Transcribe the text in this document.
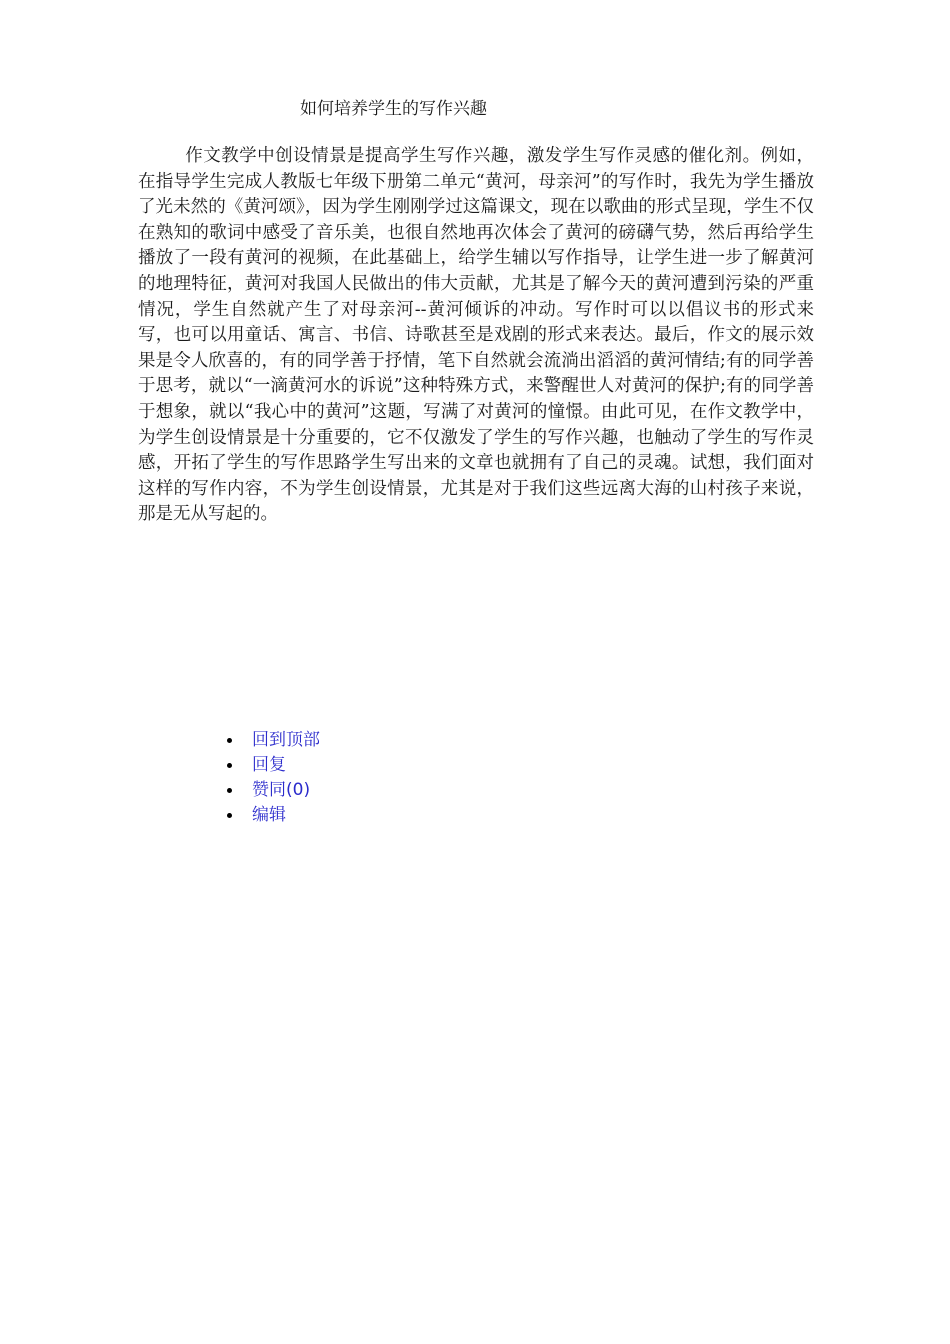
如何培养学生的写作兴趣

作文教学中创设情景是提高学生写作兴趣，激发学生写作灵感的催化剂。例如，在指导学生完成人教版七年级下册第二单元“黄河，母亲河”的写作时，我先为学生播放了光未然的《黄河颂》，因为学生刚刚学过这篇课文，现在以歌曲的形式呈现，学生不仅在熟知的歌词中感受了音乐美，也很自然地再次体会了黄河的磅礴气势，然后再给学生播放了一段有黄河的视频，在此基础上，给学生辅以写作指导，让学生进一步了解黄河的地理特征，黄河对我国人民做出的伟大贡献，尤其是了解今天的黄河遭到污染的严重情况，学生自然就产生了对母亲河--黄河倾诉的冲动。写作时可以以倡议书的形式来写，也可以用童话、寓言、书信、诗歌甚至是戏剧的形式来表达。最后，作文的展示效果是令人欣喜的，有的同学善于抒情，笔下自然就会流淌出滔滔的黄河情结;有的同学善于思考，就以“一滴黄河水的诉说”这种特殊方式，来警醒世人对黄河的保护;有的同学善于想象，就以“我心中的黄河”这题，写满了对黄河的憧憬。由此可见，在作文教学中，为学生创设情景是十分重要的，它不仅激发了学生的写作兴趣，也触动了学生的写作灵感，开拓了学生的写作思路学生写出来的文章也就拥有了自己的灵魂。试想，我们面对这样的写作内容，不为学生创设情景，尤其是对于我们这些远离大海的山村孩子来说，那是无从写起的。

回到顶部
回复
赞同(0)
编辑
